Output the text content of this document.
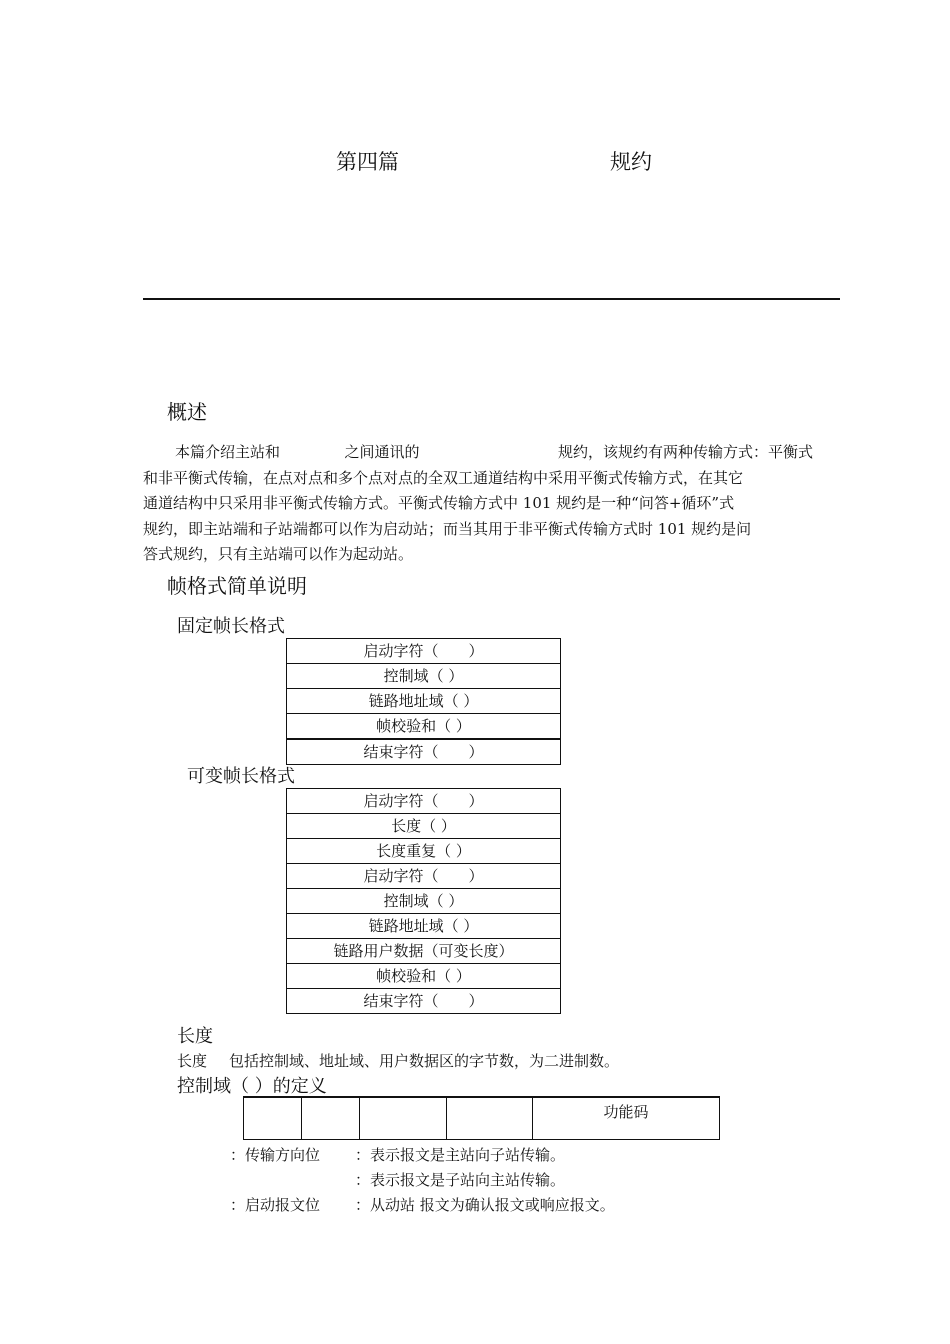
第四篇	规约
概述
本篇介绍主站和	之间通讯的	规约，该规约有两种传输方式：平衡式
和非平衡式传输，在点对点和多个点对点的全双工通道结构中采用平衡式传输方式，在其它
通道结构中只采用非平衡式传输方式。平衡式传输方式中 101 规约是一种“问答+循环”式
规约，即主站端和子站端都可以作为启动站；而当其用于非平衡式传输方式时 101 规约是问
答式规约，只有主站端可以作为起动站。
帧格式简单说明
固定帧长格式
启动字符（　　）
控制域（ ）
链路地址域（ ）
帧校验和（ ）
结束字符（　　）
可变帧长格式
启动字符（　　）
长度（ ）
长度重复（ ）
启动字符（　　）
控制域（ ）
链路地址域（ ）
链路用户数据（可变长度）
帧校验和（ ）
结束字符（　　）
长度
长度 包括控制域、地址域、用户数据区的字节数，为二进制数。
控制域（ ）的定义
				功能码
： 传输方向位 ： 表示报文是主站向子站传输。
： 表示报文是子站向主站传输。
： 启动报文位 ： 从动站 报文为确认报文或响应报文。
